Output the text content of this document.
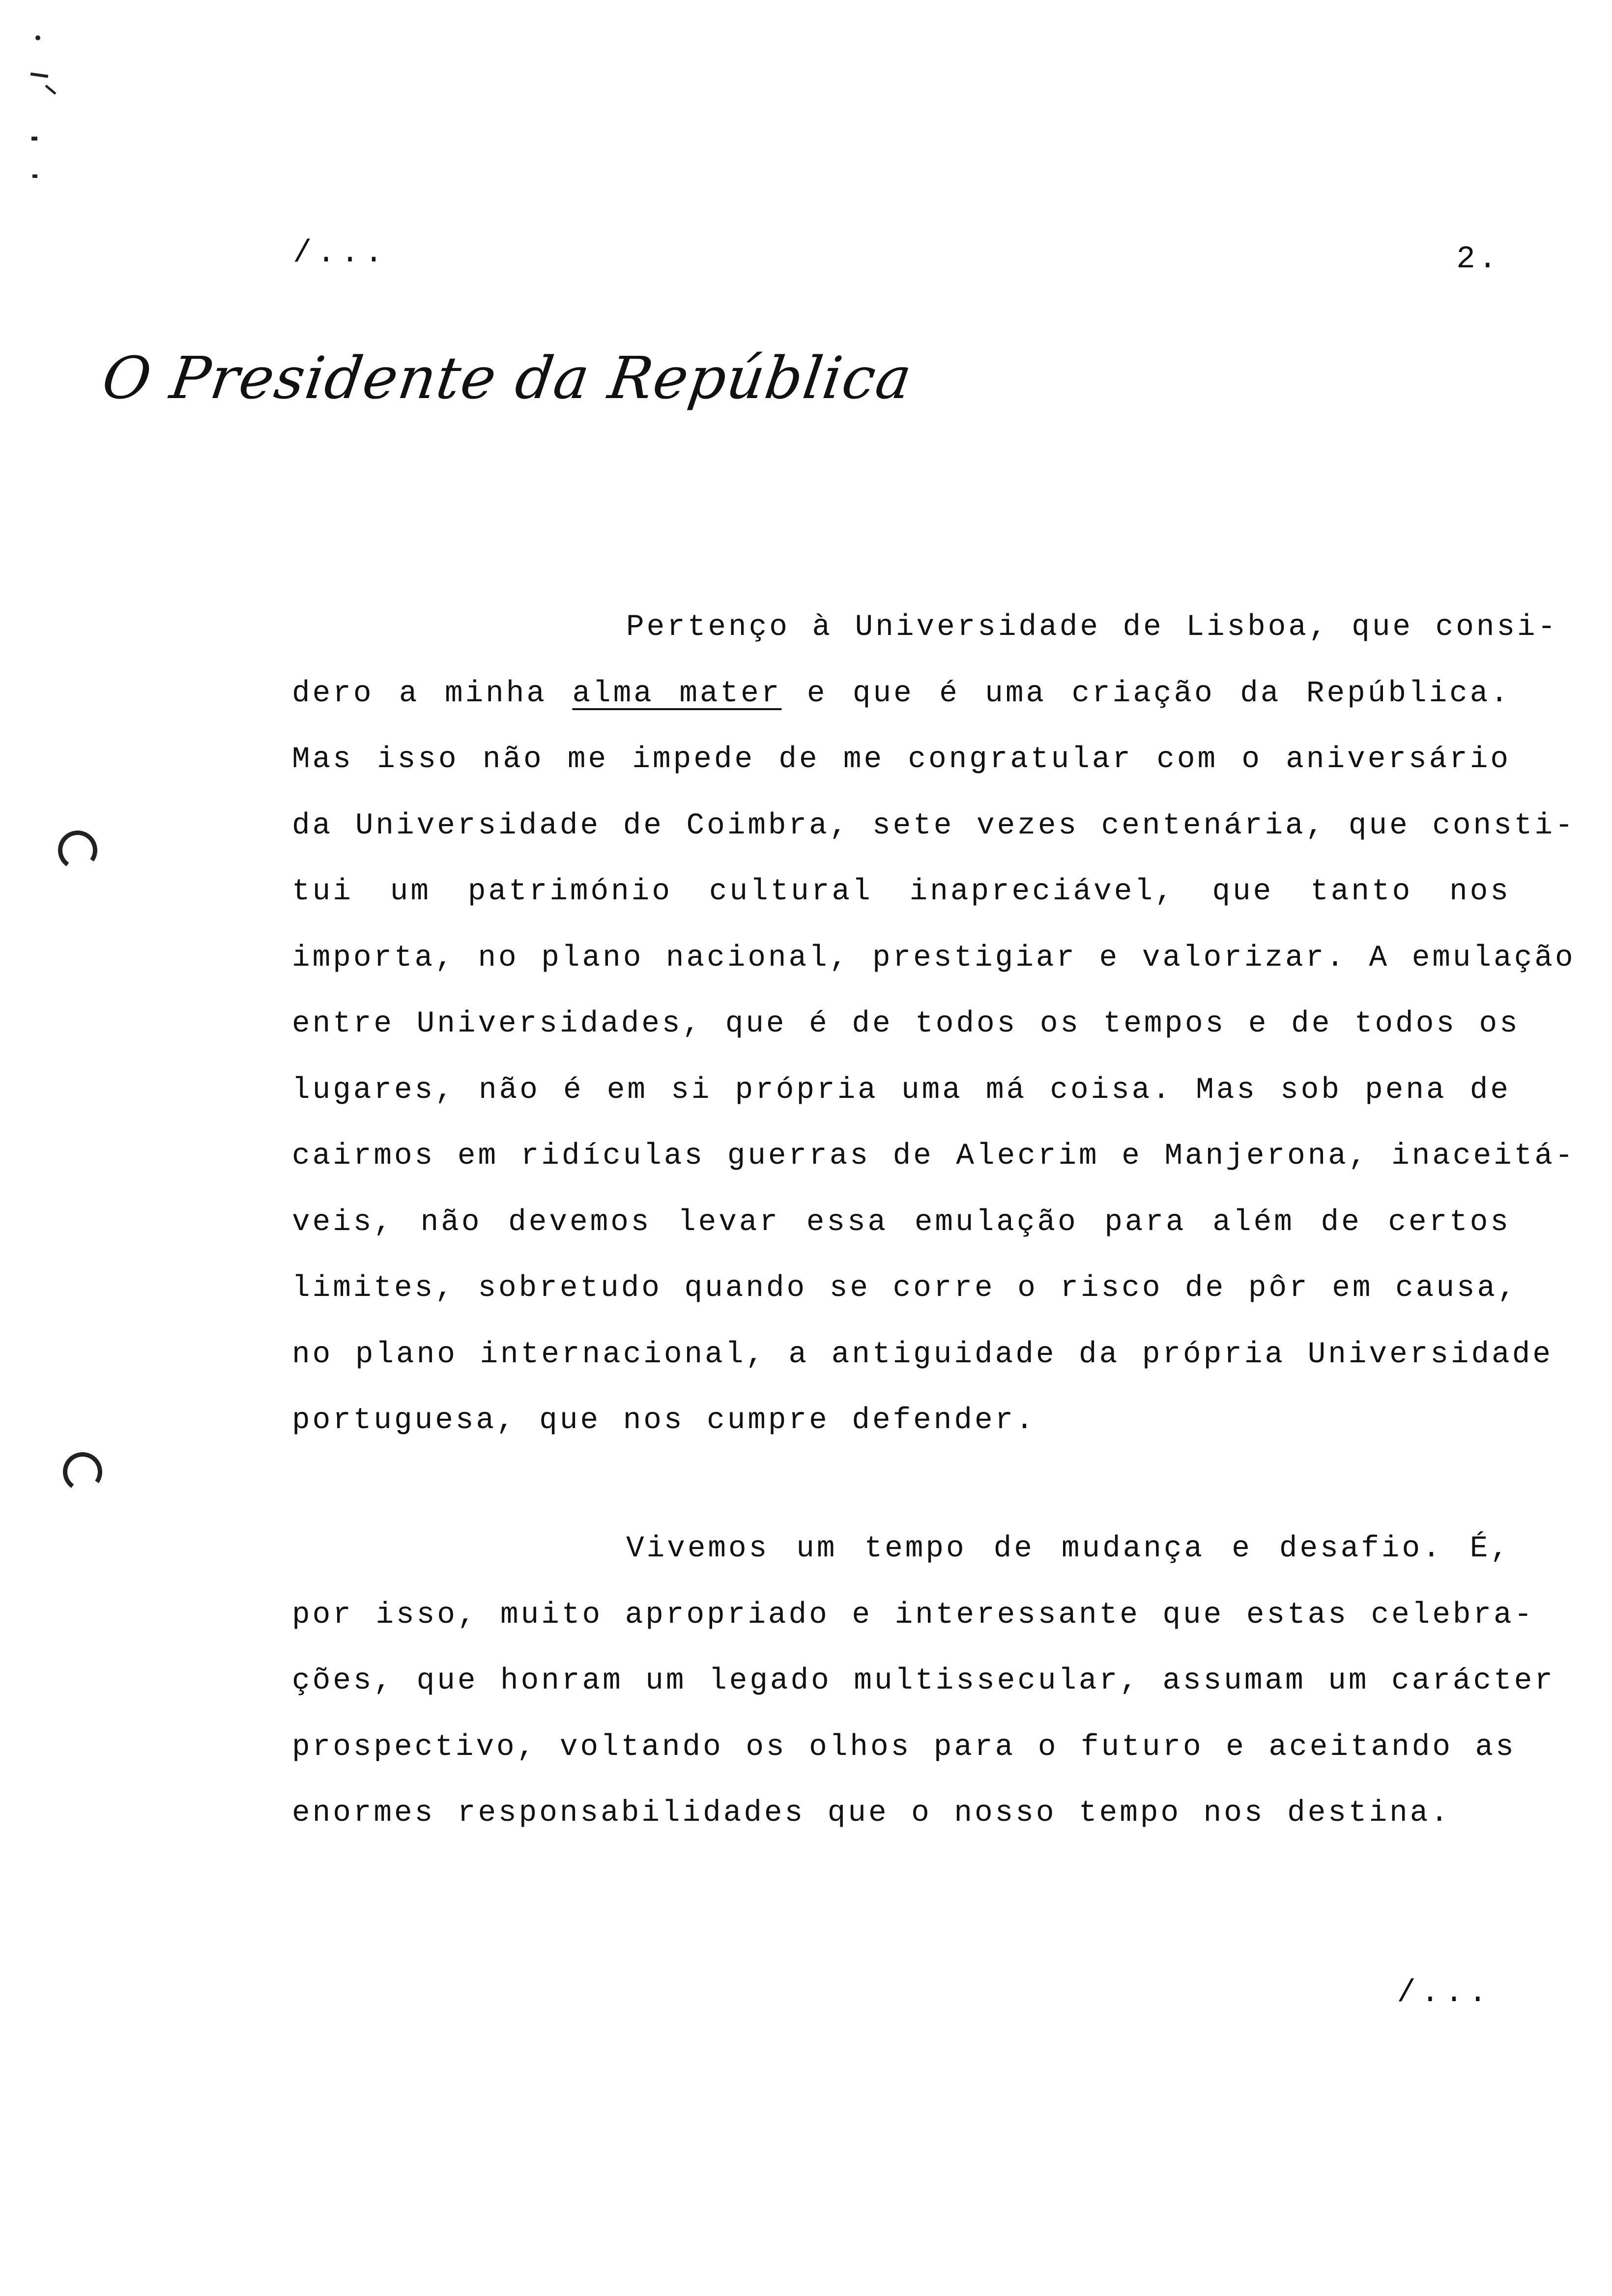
/...	2.
O Presidente da República
Pertenço à Universidade de Lisboa, que consi-
dero a minha alma mater e que é uma criação da República.
Mas isso não me impede de me congratular com o aniversário
da Universidade de Coimbra, sete vezes centenária, que consti-
tui um património cultural inapreciável, que tanto nos
importa, no plano nacional, prestigiar e valorizar. A emulação
entre Universidades, que é de todos os tempos e de todos os
lugares, não é em si própria uma má coisa. Mas sob pena de
cairmos em ridículas guerras de Alecrim e Manjerona, inaceitá-
veis, não devemos levar essa emulação para além de certos
limites, sobretudo quando se corre o risco de pôr em causa,
no plano internacional, a antiguidade da própria Universidade
portuguesa, que nos cumpre defender.
Vivemos um tempo de mudança e desafio. É,
por isso, muito apropriado e interessante que estas celebra-
ções, que honram um legado multissecular, assumam um carácter
prospectivo, voltando os olhos para o futuro e aceitando as
enormes responsabilidades que o nosso tempo nos destina.
/...
